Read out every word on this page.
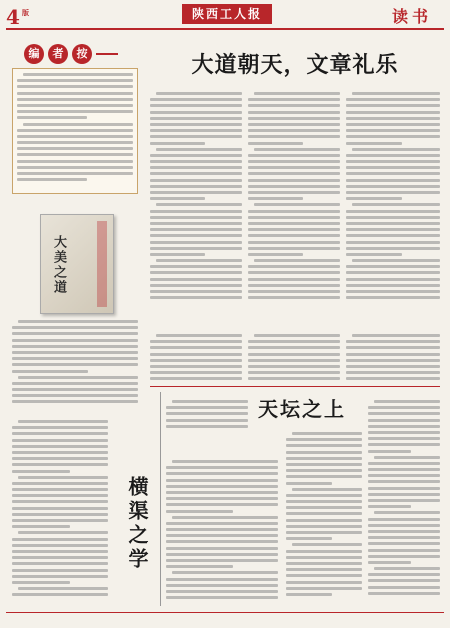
4 版	陕西工人报	读书
编	者	按
大美之道
大道朝天，文章礼乐
天坛之上
横渠之学
